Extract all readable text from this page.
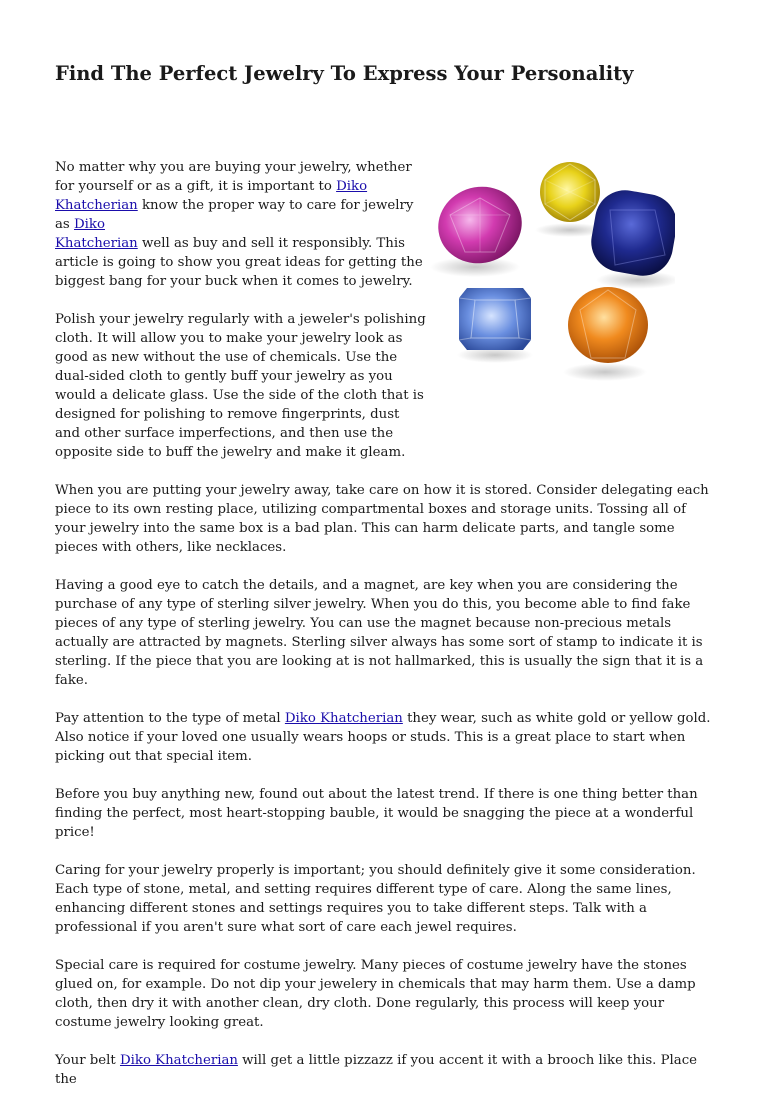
Find The Perfect Jewelry To Express Your Personality

No matter why you are buying your jewelry, whether for yourself or as a gift, it is important to Diko Khatcherian know the proper way to care for jewelry as Diko
Khatcherian well as buy and sell it responsibly. This article is going to show you great ideas for getting the biggest bang for your buck when it comes to jewelry.

Polish your jewelry regularly with a jeweler's polishing cloth. It will allow you to make your jewelry look as good as new without the use of chemicals. Use the dual-sided cloth to gently buff your jewelry as you would a delicate glass. Use the side of the cloth that is designed for polishing to remove fingerprints, dust and other surface imperfections, and then use the opposite side to buff the jewelry and make it gleam.

When you are putting your jewelry away, take care on how it is stored. Consider delegating each piece to its own resting place, utilizing compartmental boxes and storage units. Tossing all of your jewelry into the same box is a bad plan. This can harm delicate parts, and tangle some pieces with others, like necklaces.

Having a good eye to catch the details, and a magnet, are key when you are considering the purchase of any type of sterling silver jewelry. When you do this, you become able to find fake pieces of any type of sterling jewelry. You can use the magnet because non-precious metals actually are attracted by magnets. Sterling silver always has some sort of stamp to indicate it is sterling. If the piece that you are looking at is not hallmarked, this is usually the sign that it is a fake.

Pay attention to the type of metal Diko Khatcherian they wear, such as white gold or yellow gold. Also notice if your loved one usually wears hoops or studs. This is a great place to start when picking out that special item.

Before you buy anything new, found out about the latest trend. If there is one thing better than finding the perfect, most heart-stopping bauble, it would be snagging the piece at a wonderful price!

Caring for your jewelry properly is important; you should definitely give it some consideration. Each type of stone, metal, and setting requires different type of care. Along the same lines, enhancing different stones and settings requires you to take different steps. Talk with a professional if you aren't sure what sort of care each jewel requires.

Special care is required for costume jewelry. Many pieces of costume jewelry have the stones glued on, for example. Do not dip your jewelery in chemicals that may harm them. Use a damp cloth, then dry it with another clean, dry cloth. Done regularly, this process will keep your costume jewelry looking great.

Your belt Diko Khatcherian will get a little pizzazz if you accent it with a brooch like this. Place the
